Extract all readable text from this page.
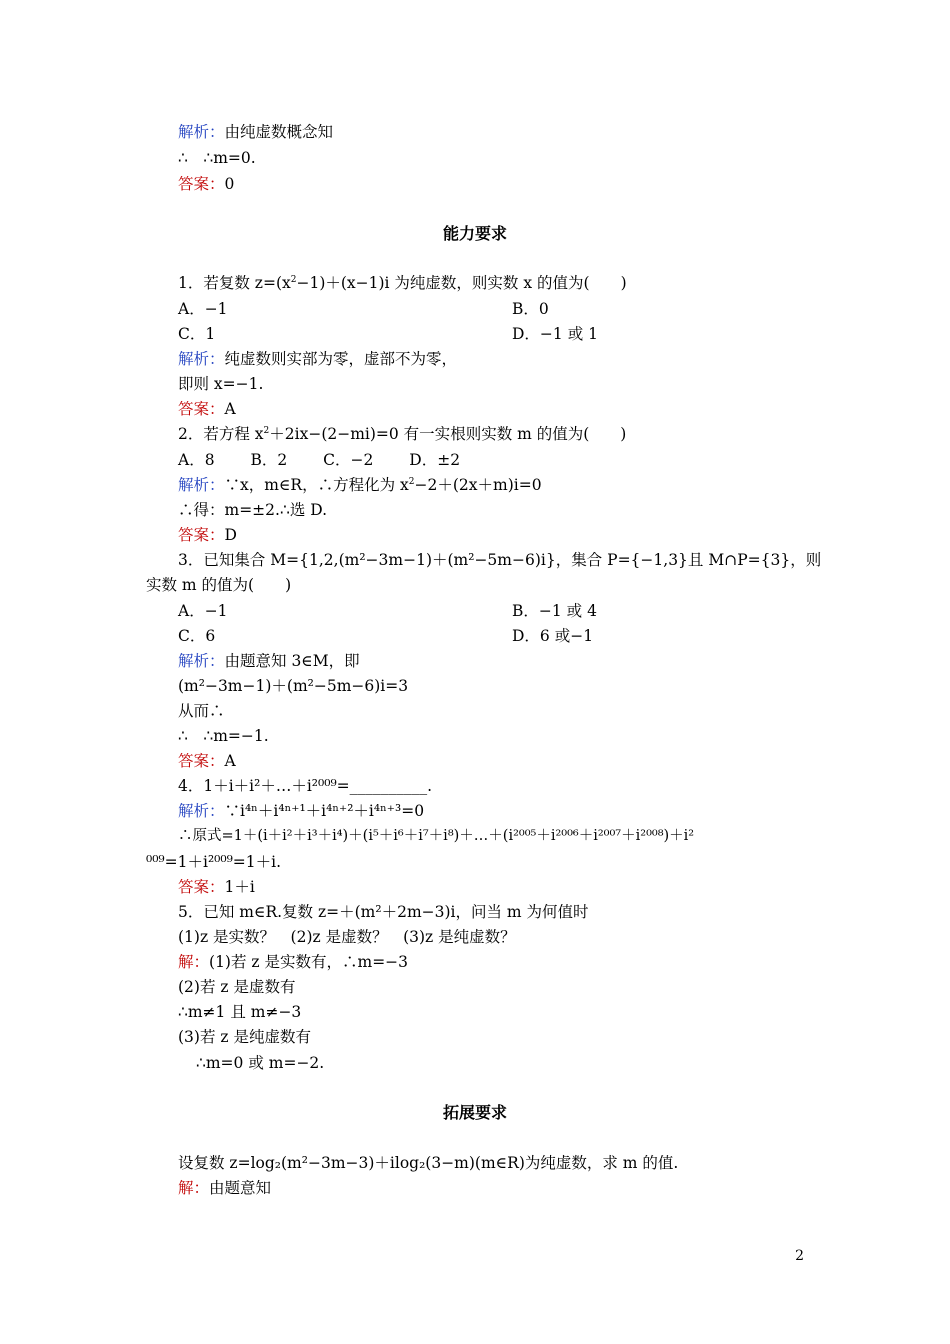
解析：由纯虚数概念知
∴　∴m=0.
答案：0
能力要求
1．若复数 $z=(x^2-1)+(x-1)i$ 为纯虚数，则实数 x 的值为(　　)
A．−1	B．0
C．1	D．−1 或 1
解析：纯虚数则实部为零，虚部不为零，
即则 x=−1.
答案：A
2．若方程 $x^2+2ix-(2-mi)=0$ 有一实根则实数 m 的值为(　　)
A．8　　 B．2　　 C．−2　　 D．±2
解析：∵x，m∈R，∴方程化为 $x^2-2+(2x+m)i=0$
∴得：m=±2.∴选 D.
答案：D
3．已知集合 M={1,2,(m²−3m−1)＋(m²−5m−6)i}，集合 P={−1,3}且 M∩P={3}，则
实数 m 的值为(　　)
A．−1	B．−1 或 4
C．6	D．6 或−1
解析：由题意知 3∈M，即
(m²−3m−1)＋(m²−5m−6)i=3
从而∴
∴　∴m=−1.
答案：A
4．1＋i＋i²＋…＋i²⁰⁰⁹=__________.
解析：∵i⁴ⁿ＋i⁴ⁿ⁺¹＋i⁴ⁿ⁺²＋i⁴ⁿ⁺³=0
∴原式=1＋(i＋i²＋i³＋i⁴)＋(i⁵＋i⁶＋i⁷＋i⁸)＋…＋(i²⁰⁰⁵＋i²⁰⁰⁶＋i²⁰⁰⁷＋i²⁰⁰⁸)＋i²
⁰⁰⁹=1＋i²⁰⁰⁹=1＋i.
答案：1＋i
5．已知 m∈R.复数 z=＋(m²＋2m−3)i，问当 m 为何值时
(1)z 是实数？　(2)z 是虚数？　(3)z 是纯虚数？
解：(1)若 z 是实数有，∴m=−3
(2)若 z 是虚数有
∴m≠1 且 m≠−3
(3)若 z 是纯虚数有
∴m=0 或 m=−2.
拓展要求
设复数 z=log₂(m²−3m−3)＋ilog₂(3−m)(m∈R)为纯虚数，求 m 的值.
解：由题意知
2
